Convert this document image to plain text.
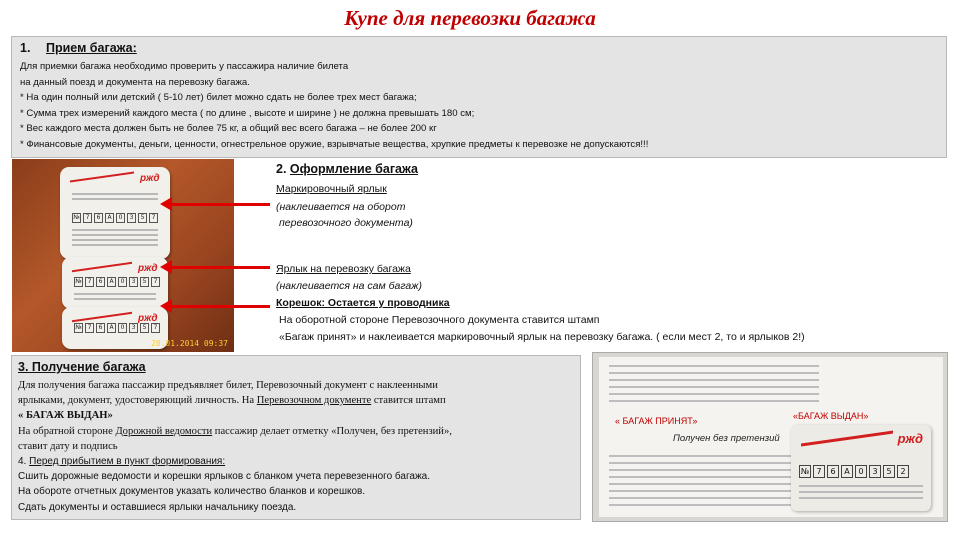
Купе для перевозки багажа
1. Прием багажа:
Для приемки багажа необходимо проверить у пассажира наличие билета
на данный поезд и документа на перевозку багажа.
* На один полный или детский ( 5-10 лет) билет можно сдать не более трех мест багажа;
* Сумма трех измерений каждого места ( по длине , высоте и ширине ) не должна превышать 180 см;
* Вес каждого места должен быть не более 75 кг, а общий вес всего багажа – не более 200 кг
* Финансовые документы, деньги, ценности, огнестрельное оружие, взрывчатые вещества, хрупкие предметы к перевозке не допускаются!!!
ржд
№ 7	6	А	0	3	5	7
ржд
№ 7	6	А	0	3	5	7
ржд
№ 7	6	А	0	3	5	7
28.01.2014 09:37
2. Оформление багажа
Маркировочный ярлык
(наклеивается на оборот
перевозочного документа)
Ярлык на перевозку багажа
(наклеивается на сам багаж)
Корешок: Остается у проводника
На оборотной стороне Перевозочного документа ставится штамп
«Багаж принят» и наклеивается маркировочный ярлык на перевозку багажа. ( если мест 2, то и ярлыков 2!)
3. Получение багажа
Для получения багажа пассажир предъявляет билет, Перевозочный документ с наклеенными
ярлыками, документ, удостоверяющий личность. На Перевозочном документе ставится штамп
« БАГАЖ ВЫДАН»
На обратной стороне Дорожной ведомости пассажир делает отметку «Получен, без претензий»,
ставит дату и подпись
4. Перед прибытием в пункт формирования:
Сшить дорожные ведомости и корешки ярлыков с бланком учета перевезенного багажа.
На обороте отчетных документов указать количество бланков и корешков.
Сдать документы и оставшиеся ярлыки начальнику поезда.
« БАГАЖ ПРИНЯТ»	«БАГАЖ ВЫДАН»
Получен без претензий	ржд
№ 7	6	А	0	3	5	2
